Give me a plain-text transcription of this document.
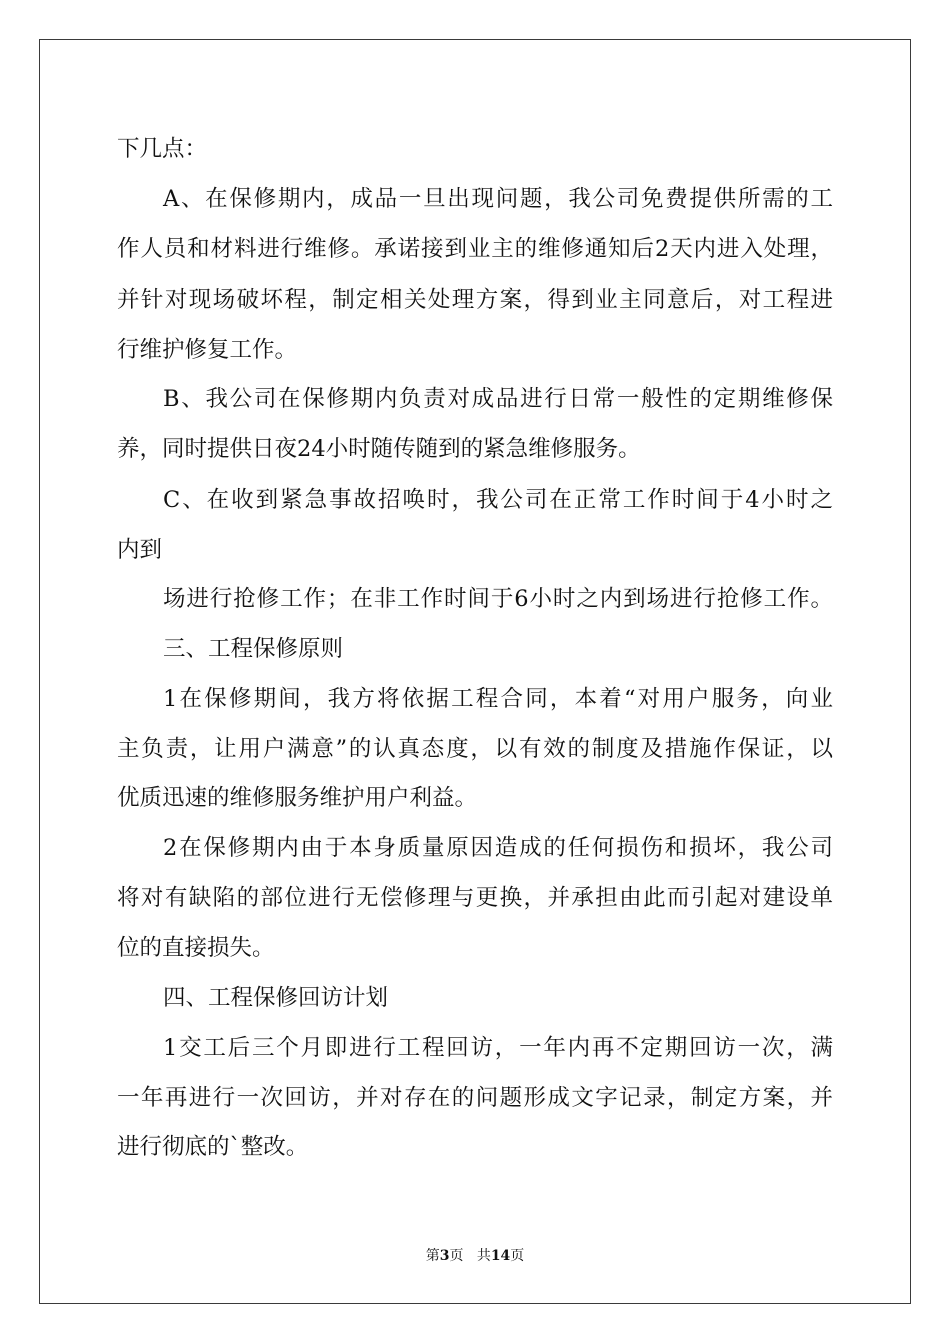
下几点：
A、在保修期内，成品一旦出现问题，我公司免费提供所需的工
作人员和材料进行维修。承诺接到业主的维修通知后2天内进入处理，
并针对现场破坏程，制定相关处理方案，得到业主同意后，对工程进
行维护修复工作。
B、我公司在保修期内负责对成品进行日常一般性的定期维修保
养，同时提供日夜24小时随传随到的紧急维修服务。
C、在收到紧急事故招唤时，我公司在正常工作时间于4小时之
内到
场进行抢修工作；在非工作时间于6小时之内到场进行抢修工作。
三、工程保修原则
1在保修期间，我方将依据工程合同，本着“对用户服务，向业
主负责，让用户满意”的认真态度，以有效的制度及措施作保证，以
优质迅速的维修服务维护用户利益。
2在保修期内由于本身质量原因造成的任何损伤和损坏，我公司
将对有缺陷的部位进行无偿修理与更换，并承担由此而引起对建设单
位的直接损失。
四、工程保修回访计划
1交工后三个月即进行工程回访，一年内再不定期回访一次，满
一年再进行一次回访，并对存在的问题形成文字记录，制定方案，并
进行彻底的`整改。
第3页 共14页
